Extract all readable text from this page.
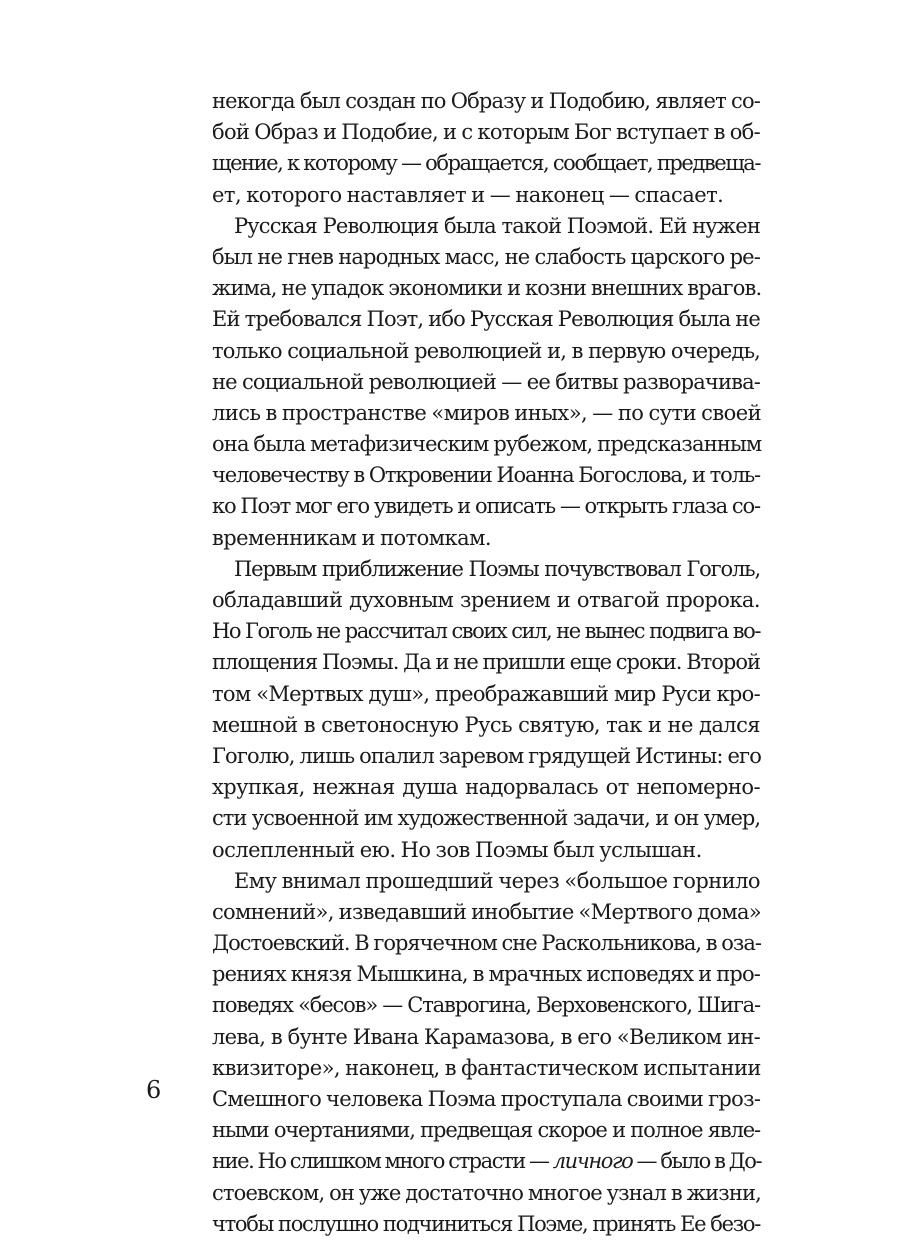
некогда был создан по Образу и Подобию, являет со-
бой Образ и Подобие, и с которым Бог вступает в об-
щение, к которому — обращается, сообщает, предвеща-
ет, которого наставляет и — наконец — спасает.
Русская Революция была такой Поэмой. Ей нужен
был не гнев народных масс, не слабость царского ре-
жима, не упадок экономики и козни внешних врагов.
Ей требовался Поэт, ибо Русская Революция была не
только социальной революцией и, в первую очередь,
не социальной революцией — ее битвы разворачива-
лись в пространстве «миров иных», — по сути своей
она была метафизическим рубежом, предсказанным
человечеству в Откровении Иоанна Богослова, и толь-
ко Поэт мог его увидеть и описать — открыть глаза со-
временникам и потомкам.
Первым приближение Поэмы почувствовал Гоголь,
обладавший духовным зрением и отвагой пророка.
Но Гоголь не рассчитал своих сил, не вынес подвига во-
площения Поэмы. Да и не пришли еще сроки. Второй
том «Мертвых душ», преображавший мир Руси кро-
мешной в светоносную Русь святую, так и не дался
Гоголю, лишь опалил заревом грядущей Истины: его
хрупкая, нежная душа надорвалась от непомерно-
сти усвоенной им художественной задачи, и он умер,
ослепленный ею. Но зов Поэмы был услышан.
Ему внимал прошедший через «большое горнило
сомнений», изведавший инобытие «Мертвого дома»
Достоевский. В горячечном сне Раскольникова, в оза-
рениях князя Мышкина, в мрачных исповедях и про-
поведях «бесов» — Ставрогина, Верховенского, Шига-
лева, в бунте Ивана Карамазова, в его «Великом ин-
квизиторе», наконец, в фантастическом испытании
Смешного человека Поэма проступала своими гроз-
ными очертаниями, предвещая скорое и полное явле-
ние. Но слишком много страсти — личного — было в До-
стоевском, он уже достаточно многое узнал в жизни,
чтобы послушно подчиниться Поэме, принять Ее безо-
6
